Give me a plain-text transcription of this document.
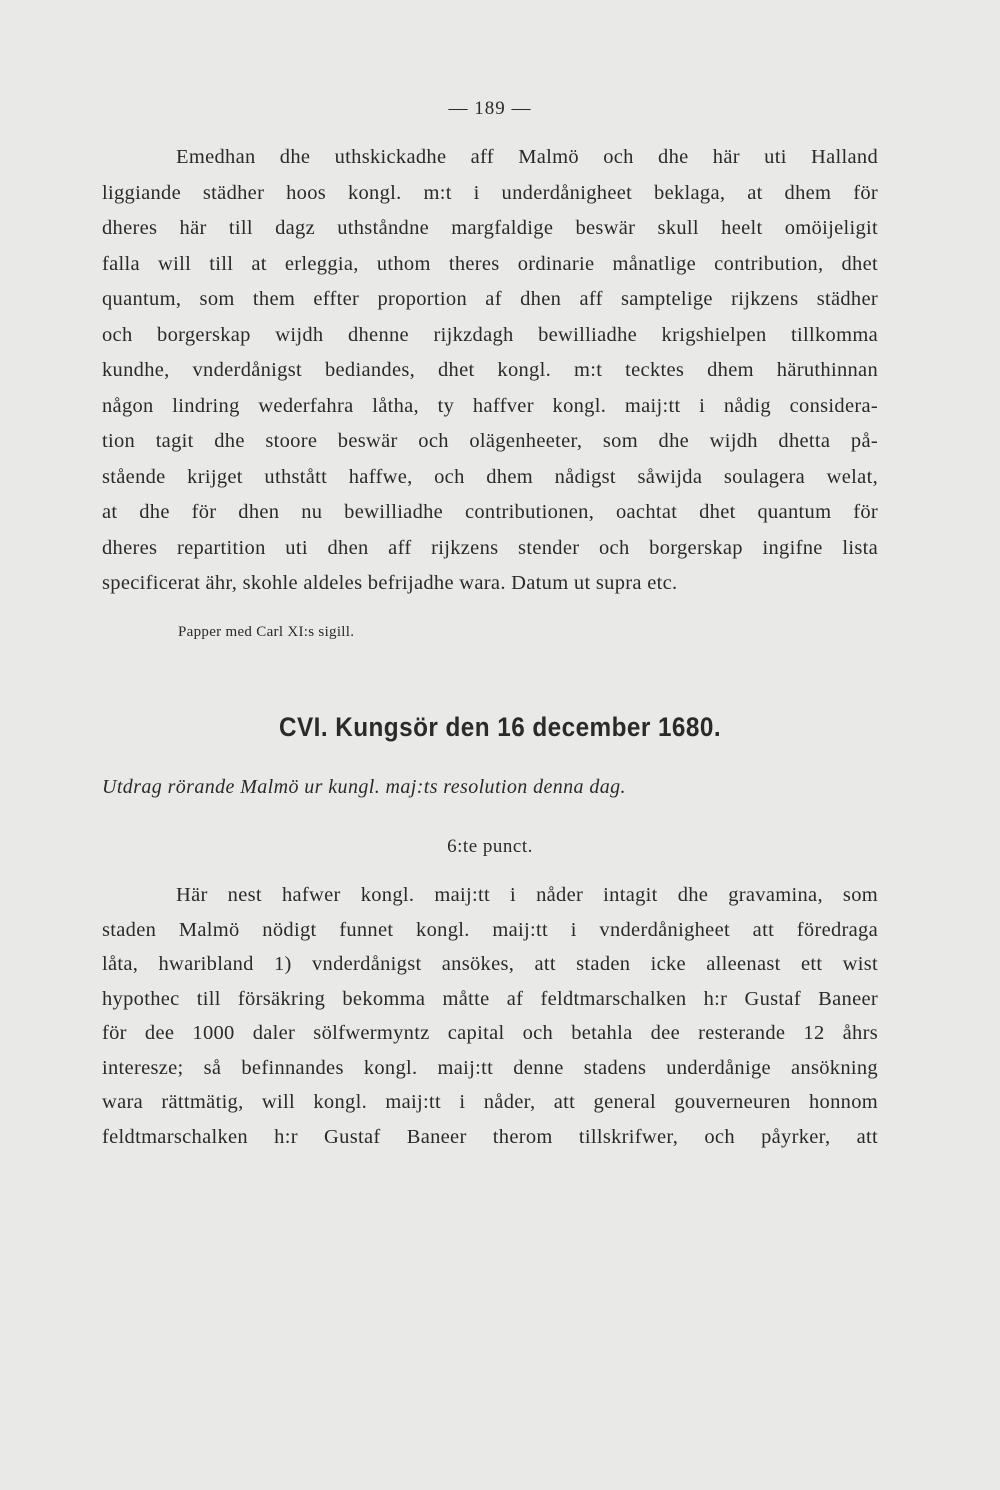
— 189 —
Emedhan dhe uthskickadhe aff Malmö och dhe här uti Halland
liggiande städher hoos kongl. m:t i underdånigheet beklaga, at dhem för
dheres här till dagz uthståndne margfaldige beswär skull heelt omöijeligit
falla will till at erleggia, uthom theres ordinarie månatlige contribution, dhet
quantum, som them effter proportion af dhen aff samptelige rijkzens städher
och borgerskap wijdh dhenne rijkzdagh bewilliadhe krigshielpen tillkomma
kundhe, vnderdånigst bediandes, dhet kongl. m:t tecktes dhem häruthinnan
någon lindring wederfahra låtha, ty haffver kongl. maij:tt i nådig considera-
tion tagit dhe stoore beswär och olägenheeter, som dhe wijdh dhetta på-
stående krijget uthstått haffwe, och dhem nådigst såwijda soulagera welat,
at dhe för dhen nu bewilliadhe contributionen, oachtat dhet quantum för
dheres repartition uti dhen aff rijkzens stender och borgerskap ingifne lista
specificerat ähr, skohle aldeles befrijadhe wara. Datum ut supra etc.
Papper med Carl XI:s sigill.
CVI. Kungsör den 16 december 1680.
Utdrag rörande Malmö ur kungl. maj:ts resolution denna dag.
6:te punct.
Här nest hafwer kongl. maij:tt i nåder intagit dhe gravamina, som
staden Malmö nödigt funnet kongl. maij:tt i vnderdånigheet att föredraga
låta, hwaribland 1) vnderdånigst ansökes, att staden icke alleenast ett wist
hypothec till försäkring bekomma måtte af feldtmarschalken h:r Gustaf Baneer
för dee 1000 daler sölfwermyntz capital och betahla dee resterande 12 åhrs
interesze; så befinnandes kongl. maij:tt denne stadens underdånige ansökning
wara rättmätig, will kongl. maij:tt i nåder, att general gouverneuren honnom
feldtmarschalken h:r Gustaf Baneer therom tillskrifwer, och påyrker, att
